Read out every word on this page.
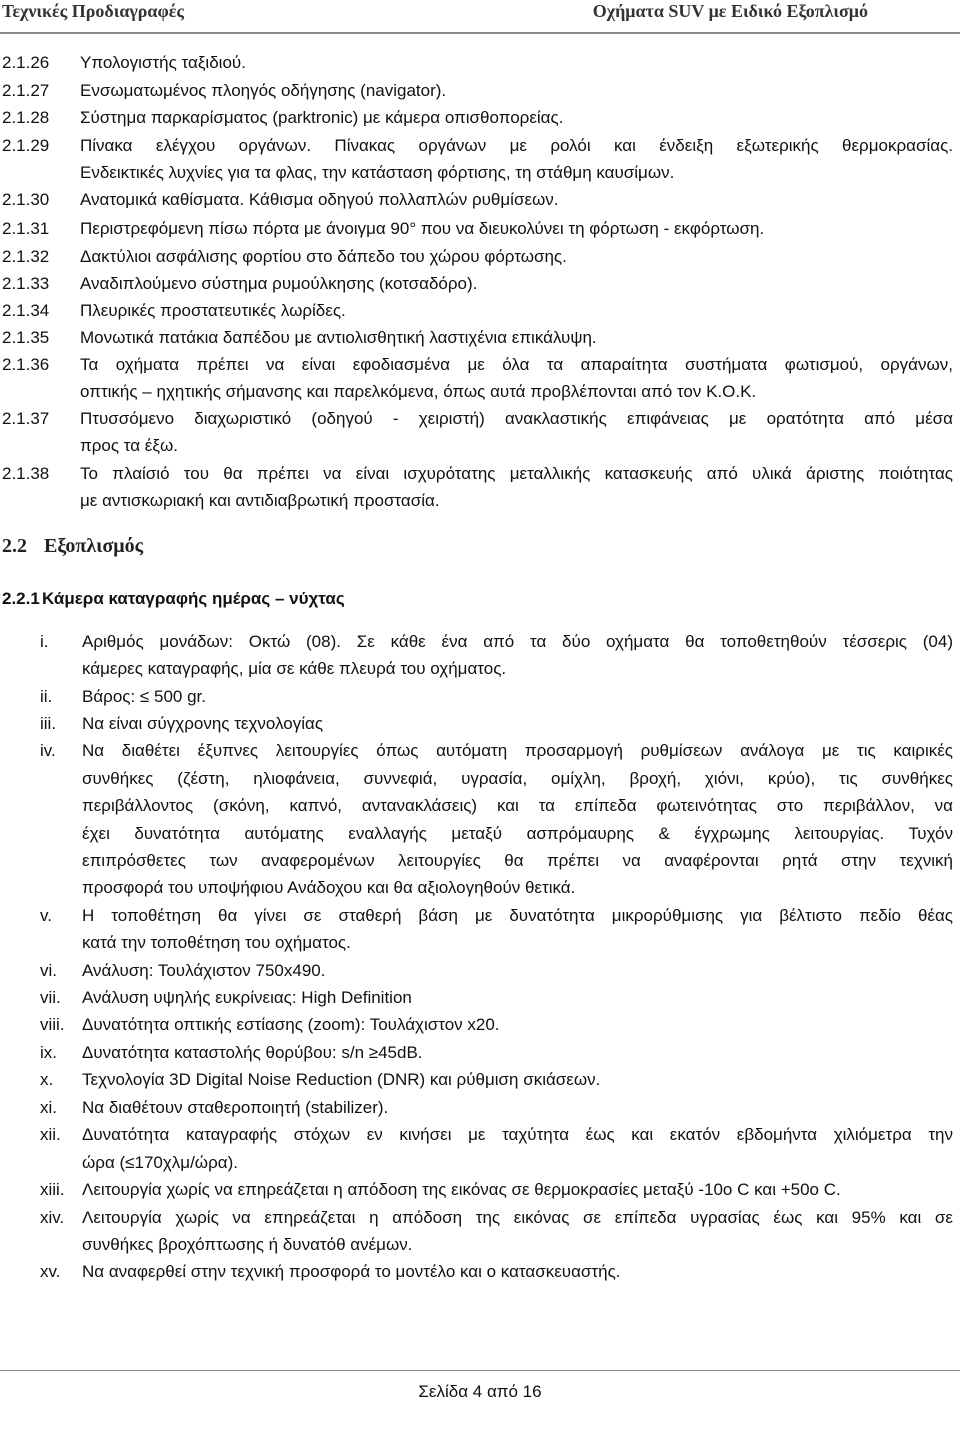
Τεχνικές Προδιαγραφές	Οχήματα SUV με Ειδικό Εξοπλισμό
2.1.26 Υπολογιστής ταξιδιού.
2.1.27 Ενσωματωμένος πλοηγός οδήγησης (navigator).
2.1.28 Σύστημα παρκαρίσματος (parktronic) με κάμερα οπισθοπορείας.
2.1.29 Πίνακα ελέγχου οργάνων. Πίνακας οργάνων με ρολόι και ένδειξη εξωτερικής θερμοκρασίας.
Ενδεικτικές λυχνίες για τα φλας, την κατάσταση φόρτισης, τη στάθμη καυσίμων.
2.1.30 Ανατομικά καθίσματα. Κάθισμα οδηγού πολλαπλών ρυθμίσεων.
2.1.31 Περιστρεφόμενη πίσω πόρτα με άνοιγμα 90° που να διευκολύνει τη φόρτωση - εκφόρτωση.
2.1.32 Δακτύλιοι ασφάλισης φορτίου στο δάπεδο του χώρου φόρτωσης.
2.1.33 Αναδιπλούμενο σύστημα ρυμούλκησης (κοτσαδόρο).
2.1.34 Πλευρικές προστατευτικές λωρίδες.
2.1.35 Μονωτικά πατάκια δαπέδου με αντιολισθητική λαστιχένια επικάλυψη.
2.1.36 Τα οχήματα πρέπει να είναι εφοδιασμένα με όλα τα απαραίτητα συστήματα φωτισμού, οργάνων,
οπτικής – ηχητικής σήμανσης και παρελκόμενα, όπως αυτά προβλέπονται από τον Κ.Ο.Κ.
2.1.37 Πτυσσόμενο διαχωριστικό (οδηγού - χειριστή) ανακλαστικής επιφάνειας με ορατότητα από μέσα
προς τα έξω.
2.1.38 Το πλαίσιό του θα πρέπει να είναι ισχυρότατης μεταλλικής κατασκευής από υλικά άριστης ποιότητας
με αντισκωριακή και αντιδιαβρωτική προστασία.
2.2 Εξοπλισμός
2.2.1 Κάμερα καταγραφής ημέρας – νύχτας
i. Αριθμός μονάδων: Οκτώ (08). Σε κάθε ένα από τα δύο οχήματα θα τοποθετηθούν τέσσερις (04)
κάμερες καταγραφής, μία σε κάθε πλευρά του οχήματος.
ii. Βάρος: ≤ 500 gr.
iii. Να είναι σύγχρονης τεχνολογίας
iv. Να διαθέτει έξυπνες λειτουργίες όπως αυτόματη προσαρμογή ρυθμίσεων ανάλογα με τις καιρικές
συνθήκες (ζέστη, ηλιοφάνεια, συννεφιά, υγρασία, ομίχλη, βροχή, χιόνι, κρύο), τις συνθήκες
περιβάλλοντος (σκόνη, καπνό, αντανακλάσεις) και τα επίπεδα φωτεινότητας στο περιβάλλον, να
έχει δυνατότητα αυτόματης εναλλαγής μεταξύ ασπρόμαυρης & έγχρωμης λειτουργίας. Τυχόν
επιπρόσθετες των αναφερομένων λειτουργίες θα πρέπει να αναφέρονται ρητά στην τεχνική
προσφορά του υποψήφιου Ανάδοχου και θα αξιολογηθούν θετικά.
v. Η τοποθέτηση θα γίνει σε σταθερή βάση με δυνατότητα μικρορύθμισης για βέλτιστο πεδίο θέας
κατά την τοποθέτηση του οχήματος.
vi. Ανάλυση: Τουλάχιστον 750x490.
vii. Ανάλυση υψηλής ευκρίνειας: High Definition
viii. Δυνατότητα οπτικής εστίασης (zoom): Τουλάχιστον x20.
ix. Δυνατότητα καταστολής θορύβου: s/n ≥45dB.
x. Τεχνολογία 3D Digital Noise Reduction (DNR) και ρύθμιση σκιάσεων.
xi. Να διαθέτουν σταθεροποιητή (stabilizer).
xii. Δυνατότητα καταγραφής στόχων εν κινήσει με ταχύτητα έως και εκατόν εβδομήντα χιλιόμετρα την
ώρα (≤170χλμ/ώρα).
xiii. Λειτουργία χωρίς να επηρεάζεται η απόδοση της εικόνας σε θερμοκρασίες μεταξύ -10ο C και +50ο C.
xiv. Λειτουργία χωρίς να επηρεάζεται η απόδοση της εικόνας σε επίπεδα υγρασίας έως και 95% και σε
συνθήκες βροχόπτωσης ή δυνατόθ ανέμων.
xv. Να αναφερθεί στην τεχνική προσφορά το μοντέλο και ο κατασκευαστής.
Σελίδα 4 από 16
